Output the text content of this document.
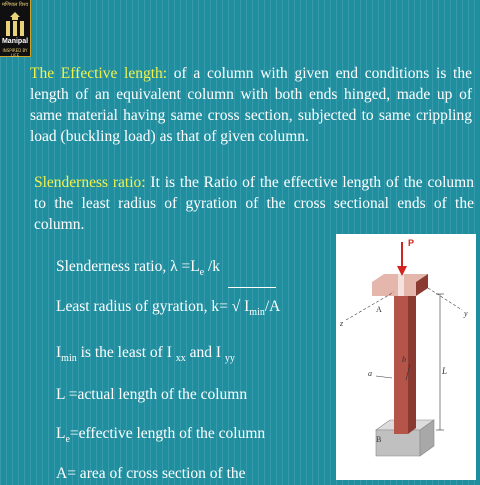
मणिपाल विश्व
Manipal
INSPIRED BY LIFE
The Effective length: of a column with given end conditions is the length of an equivalent column with both ends hinged, made up of same material having same cross section, subjected to same crippling load (buckling load) as that of given column.
Slenderness ratio: It is the Ratio of the effective length of the column to the least radius of gyration of the cross sectional ends of the column.
Slenderness ratio, $\lambda =L_e$ /k
Least radius of gyration, k= √ $I_{min}/A$
$I_{min}$ is the least of I $_{xx}$ and I $_{yy}$
L =actual length of the column
$L_e=effective$ length of the column
A= area of cross section of the
P
z
y
A
B
L
a
b
